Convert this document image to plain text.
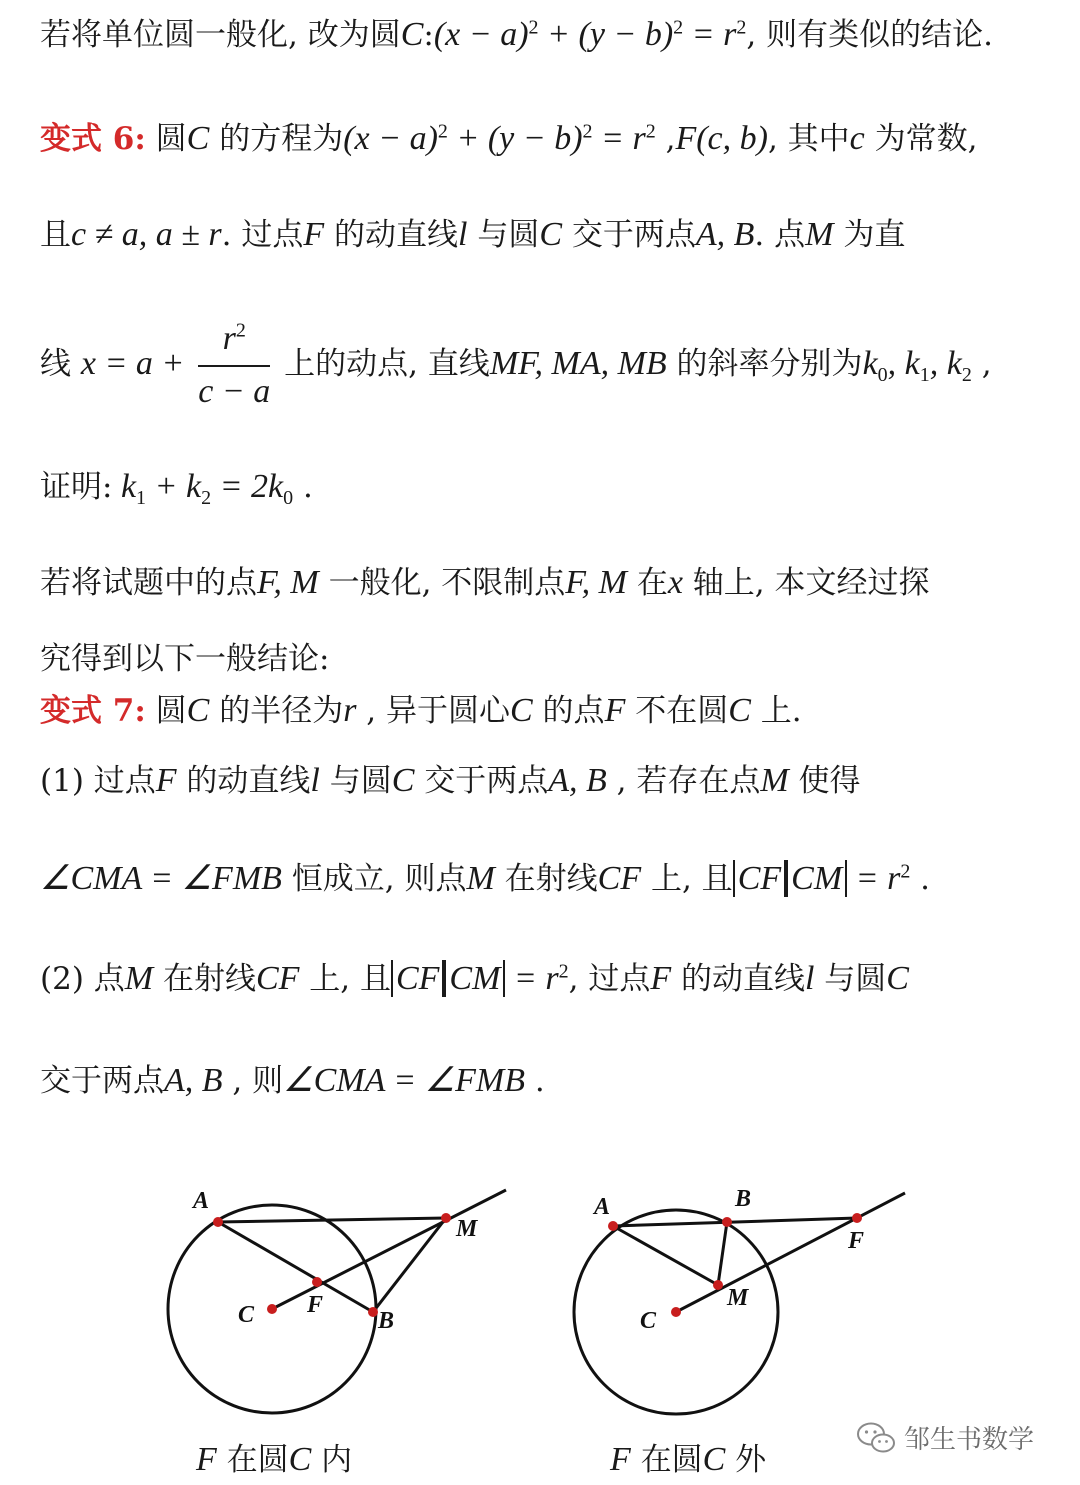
若将单位圆一般化, 改为圆C:(x − $a)^2 + (y - b)^2 = r^2$, 则有类似的结论.
变式 6: 圆C 的方程为$(x - a)^2 + (y - b)^2 = r^2$ ,F(c, b), 其中c 为常数,
且c ≠ a, a ± r. 过点F 的动直线l 与圆C 交于两点A, B. 点M 为直
线 $x = a + \frac{r^2}{c - a}$ 上的动点, 直线MF, MA, MB 的斜率分别为$k_0$, $k_1$, $k_2$ ,
证明: $k_1 + k_2 = 2k_0$ .
若将试题中的点F, M 一般化, 不限制点F, M 在x 轴上, 本文经过探
究得到以下一般结论:
变式 7: 圆C 的半径为r , 异于圆心C 的点F 不在圆C 上.
(1) 过点F 的动直线l 与圆C 交于两点A, B , 若存在点M 使得
∠CMA = ∠FMB 恒成立, 则点M 在射线CF 上, 且 CF CM = $r^2$ .
(2) 点M 在射线CF 上, 且 CF CM = $r^2$, 过点F 的动直线l 与圆C
交于两点A, B , 则∠CMA = ∠FMB .
A
M
F
B
C
F 在圆C 内
A	B
F
M
C
F 在圆C 外
邹生书数学
